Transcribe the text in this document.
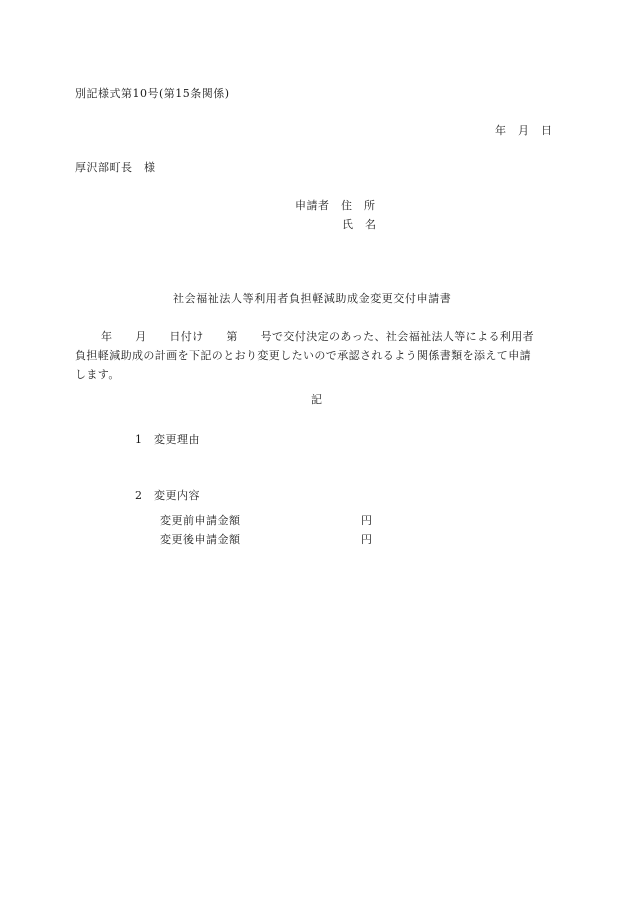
別記様式第10号(第15条関係)
年　月　日
厚沢部町長　様
申請者　住　所
氏　名
社会福祉法人等利用者負担軽減助成金変更交付申請書
年　　月　　日付け　　第　　号で交付決定のあった、社会福祉法人等による利用者
負担軽減助成の計画を下記のとおり変更したいので承認されるよう関係書類を添えて申請
します。
記
1　変更理由
2　変更内容
変更前申請金額	円
変更後申請金額	円
